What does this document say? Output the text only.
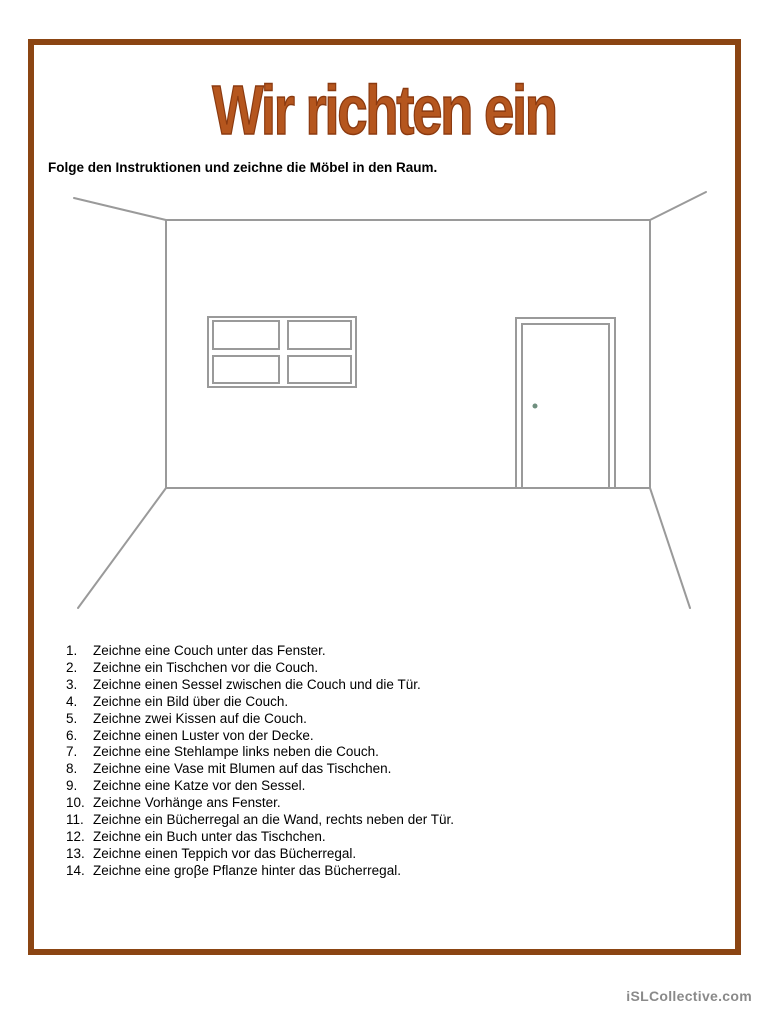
Wir richten ein
Folge den Instruktionen und zeichne die Möbel in den Raum.
1.	Zeichne eine Couch unter das Fenster.
2.	Zeichne ein Tischchen vor die Couch.
3.	Zeichne einen Sessel zwischen die Couch und die Tür.
4.	Zeichne ein Bild über die Couch.
5.	Zeichne zwei Kissen auf die Couch.
6.	Zeichne einen Luster von der Decke.
7.	Zeichne eine Stehlampe links neben die Couch.
8.	Zeichne eine Vase mit Blumen auf das Tischchen.
9.	Zeichne eine Katze vor den Sessel.
10. Zeichne Vorhänge ans Fenster.
11. Zeichne ein Bücherregal an die Wand, rechts neben der Tür.
12. Zeichne ein Buch unter das Tischchen.
13. Zeichne einen Teppich vor das Bücherregal.
14. Zeichne eine groβe Pflanze hinter das Bücherregal.
iSLCollective.com
